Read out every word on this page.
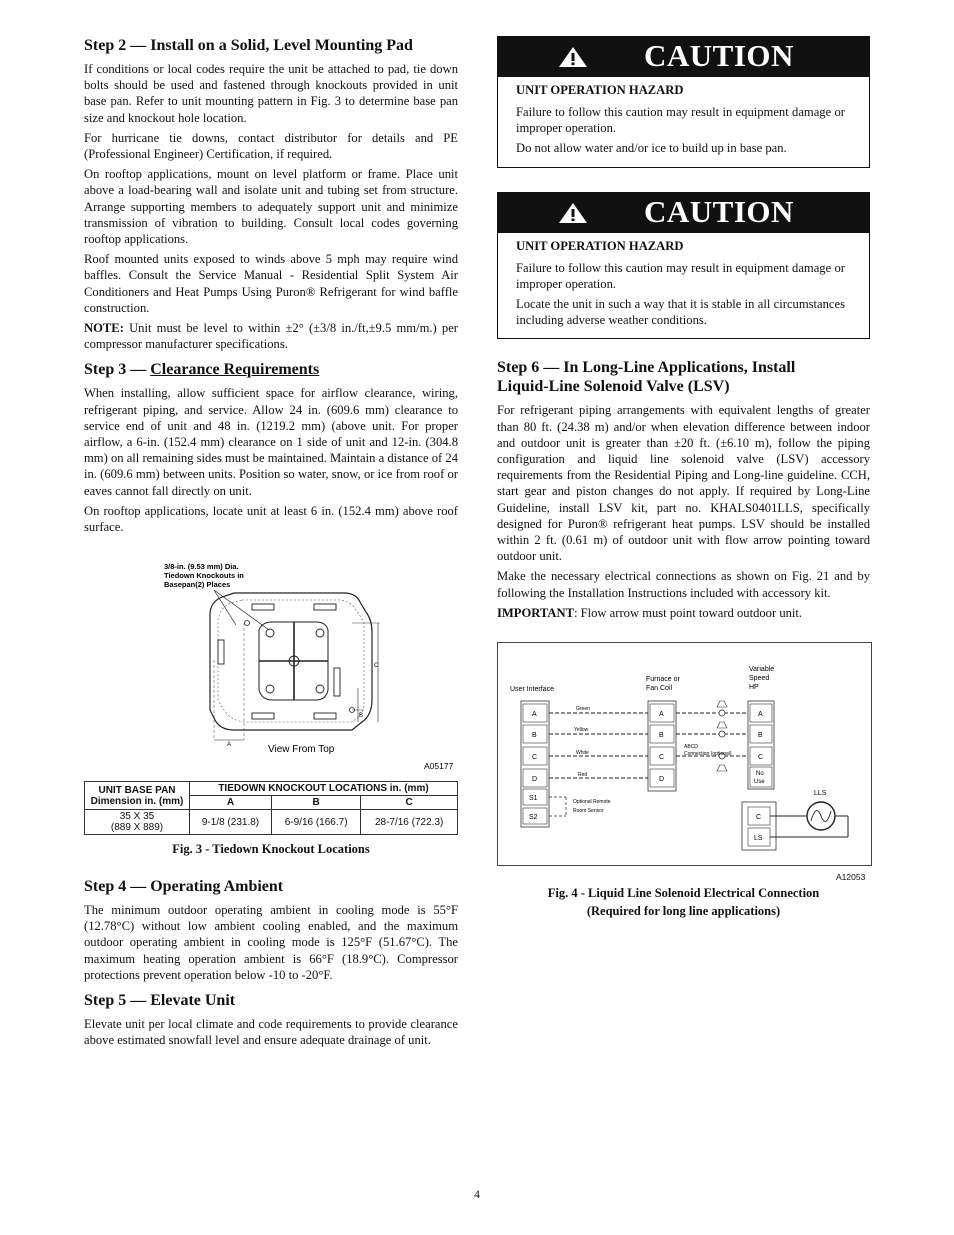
Step 2 — Install on a Solid, Level Mounting Pad

If conditions or local codes require the unit be attached to pad, tie down bolts should be used and fastened through knockouts provided in unit base pan. Refer to unit mounting pattern in Fig. 3 to determine base pan size and knockout hole location.

For hurricane tie downs, contact distributor for details and PE (Professional Engineer) Certification, if required.

On rooftop applications, mount on level platform or frame. Place unit above a load-bearing wall and isolate unit and tubing set from structure. Arrange supporting members to adequately support unit and minimize transmission of vibration to building. Consult local codes governing rooftop applications.

Roof mounted units exposed to winds above 5 mph may require wind baffles. Consult the Service Manual - Residential Split System Air Conditioners and Heat Pumps Using Puron® Refrigerant for wind baffle construction.

NOTE: Unit must be level to within ±2° (±3/8 in./ft,±9.5 mm/m.) per compressor manufacturer specifications.

Step 3 — Clearance Requirements

When installing, allow sufficient space for airflow clearance, wiring, refrigerant piping, and service. Allow 24 in. (609.6 mm) clearance to service end of unit and 48 in. (1219.2 mm) (above unit. For proper airflow, a 6-in. (152.4 mm) clearance on 1 side of unit and 12-in. (304.8 mm) on all remaining sides must be maintained. Maintain a distance of 24 in. (609.6 mm) between units. Position so water, snow, or ice from roof or eaves cannot fall directly on unit.

On rooftop applications, locate unit at least 6 in. (152.4 mm) above roof surface.

3/8-in. (9.53 mm) Dia.
Tiedown Knockouts in
Basepan(2) Places
A
B
C
View From Top
A05177
UNIT BASE PAN
Dimension in. (mm)	TIEDOWN KNOCKOUT LOCATIONS in. (mm)		
	A	B	C
35 X 35
(889 X 889)	9-1/8 (231.8)	6-9/16 (166.7)	28-7/16 (722.3)
Fig. 3 - Tiedown Knockout Locations
Step 4 — Operating Ambient

The minimum outdoor operating ambient in cooling mode is 55°F (12.78°C) without low ambient cooling enabled, and the maximum outdoor operating ambient in cooling mode is 125°F (51.67°C). The maximum heating operation ambient is 66°F (18.9°C). Compressor protections prevent operation below -10 to -20°F.

Step 5 — Elevate Unit

Elevate unit per local climate and code requirements to provide clearance above estimated snowfall level and ensure adequate drainage of unit.

CAUTION
UNIT OPERATION HAZARD

Failure to follow this caution may result in equipment damage or improper operation.

Do not allow water and/or ice to build up in base pan.

CAUTION
UNIT OPERATION HAZARD

Failure to follow this caution may result in equipment damage or improper operation.

Locate the unit in such a way that it is stable in all circumstances including adverse weather conditions.

Step 6 — In Long-Line Applications, Install
Liquid-Line Solenoid Valve (LSV)

For refrigerant piping arrangements with equivalent lengths of greater than 80 ft. (24.38 m) and/or when elevation difference between indoor and outdoor unit is greater than ±20 ft. (±6.10 m), follow the piping configuration and liquid line solenoid valve (LSV) accessory requirements from the Residential Piping and Long-line guideline. CCH, start gear and piston changes do not apply. If required by Long-Line Guideline, install LSV kit, part no. KHALS0401LLS, specifically designed for Puron® refrigerant heat pumps. LSV should be installed within 2 ft. (0.61 m) of outdoor unit with flow arrow pointing toward outdoor unit.

Make the necessary electrical connections as shown on Fig. 21 and by following the Installation Instructions included with accessory kit.

IMPORTANT: Flow arrow must point toward outdoor unit.

User Interface
Furnace or
Fan Coil
Variable
Speed
HP
A
B
C
D
S1
S2
A
B
C
D
A
B
C
No
Use
Green
Yellow
White
Red
ABCD
Connection (optional)
Optional Remote
Room Sensor
LLS
C
LS
A12053
Fig. 4 - Liquid Line Solenoid Electrical Connection
(Required for long line applications)
4
